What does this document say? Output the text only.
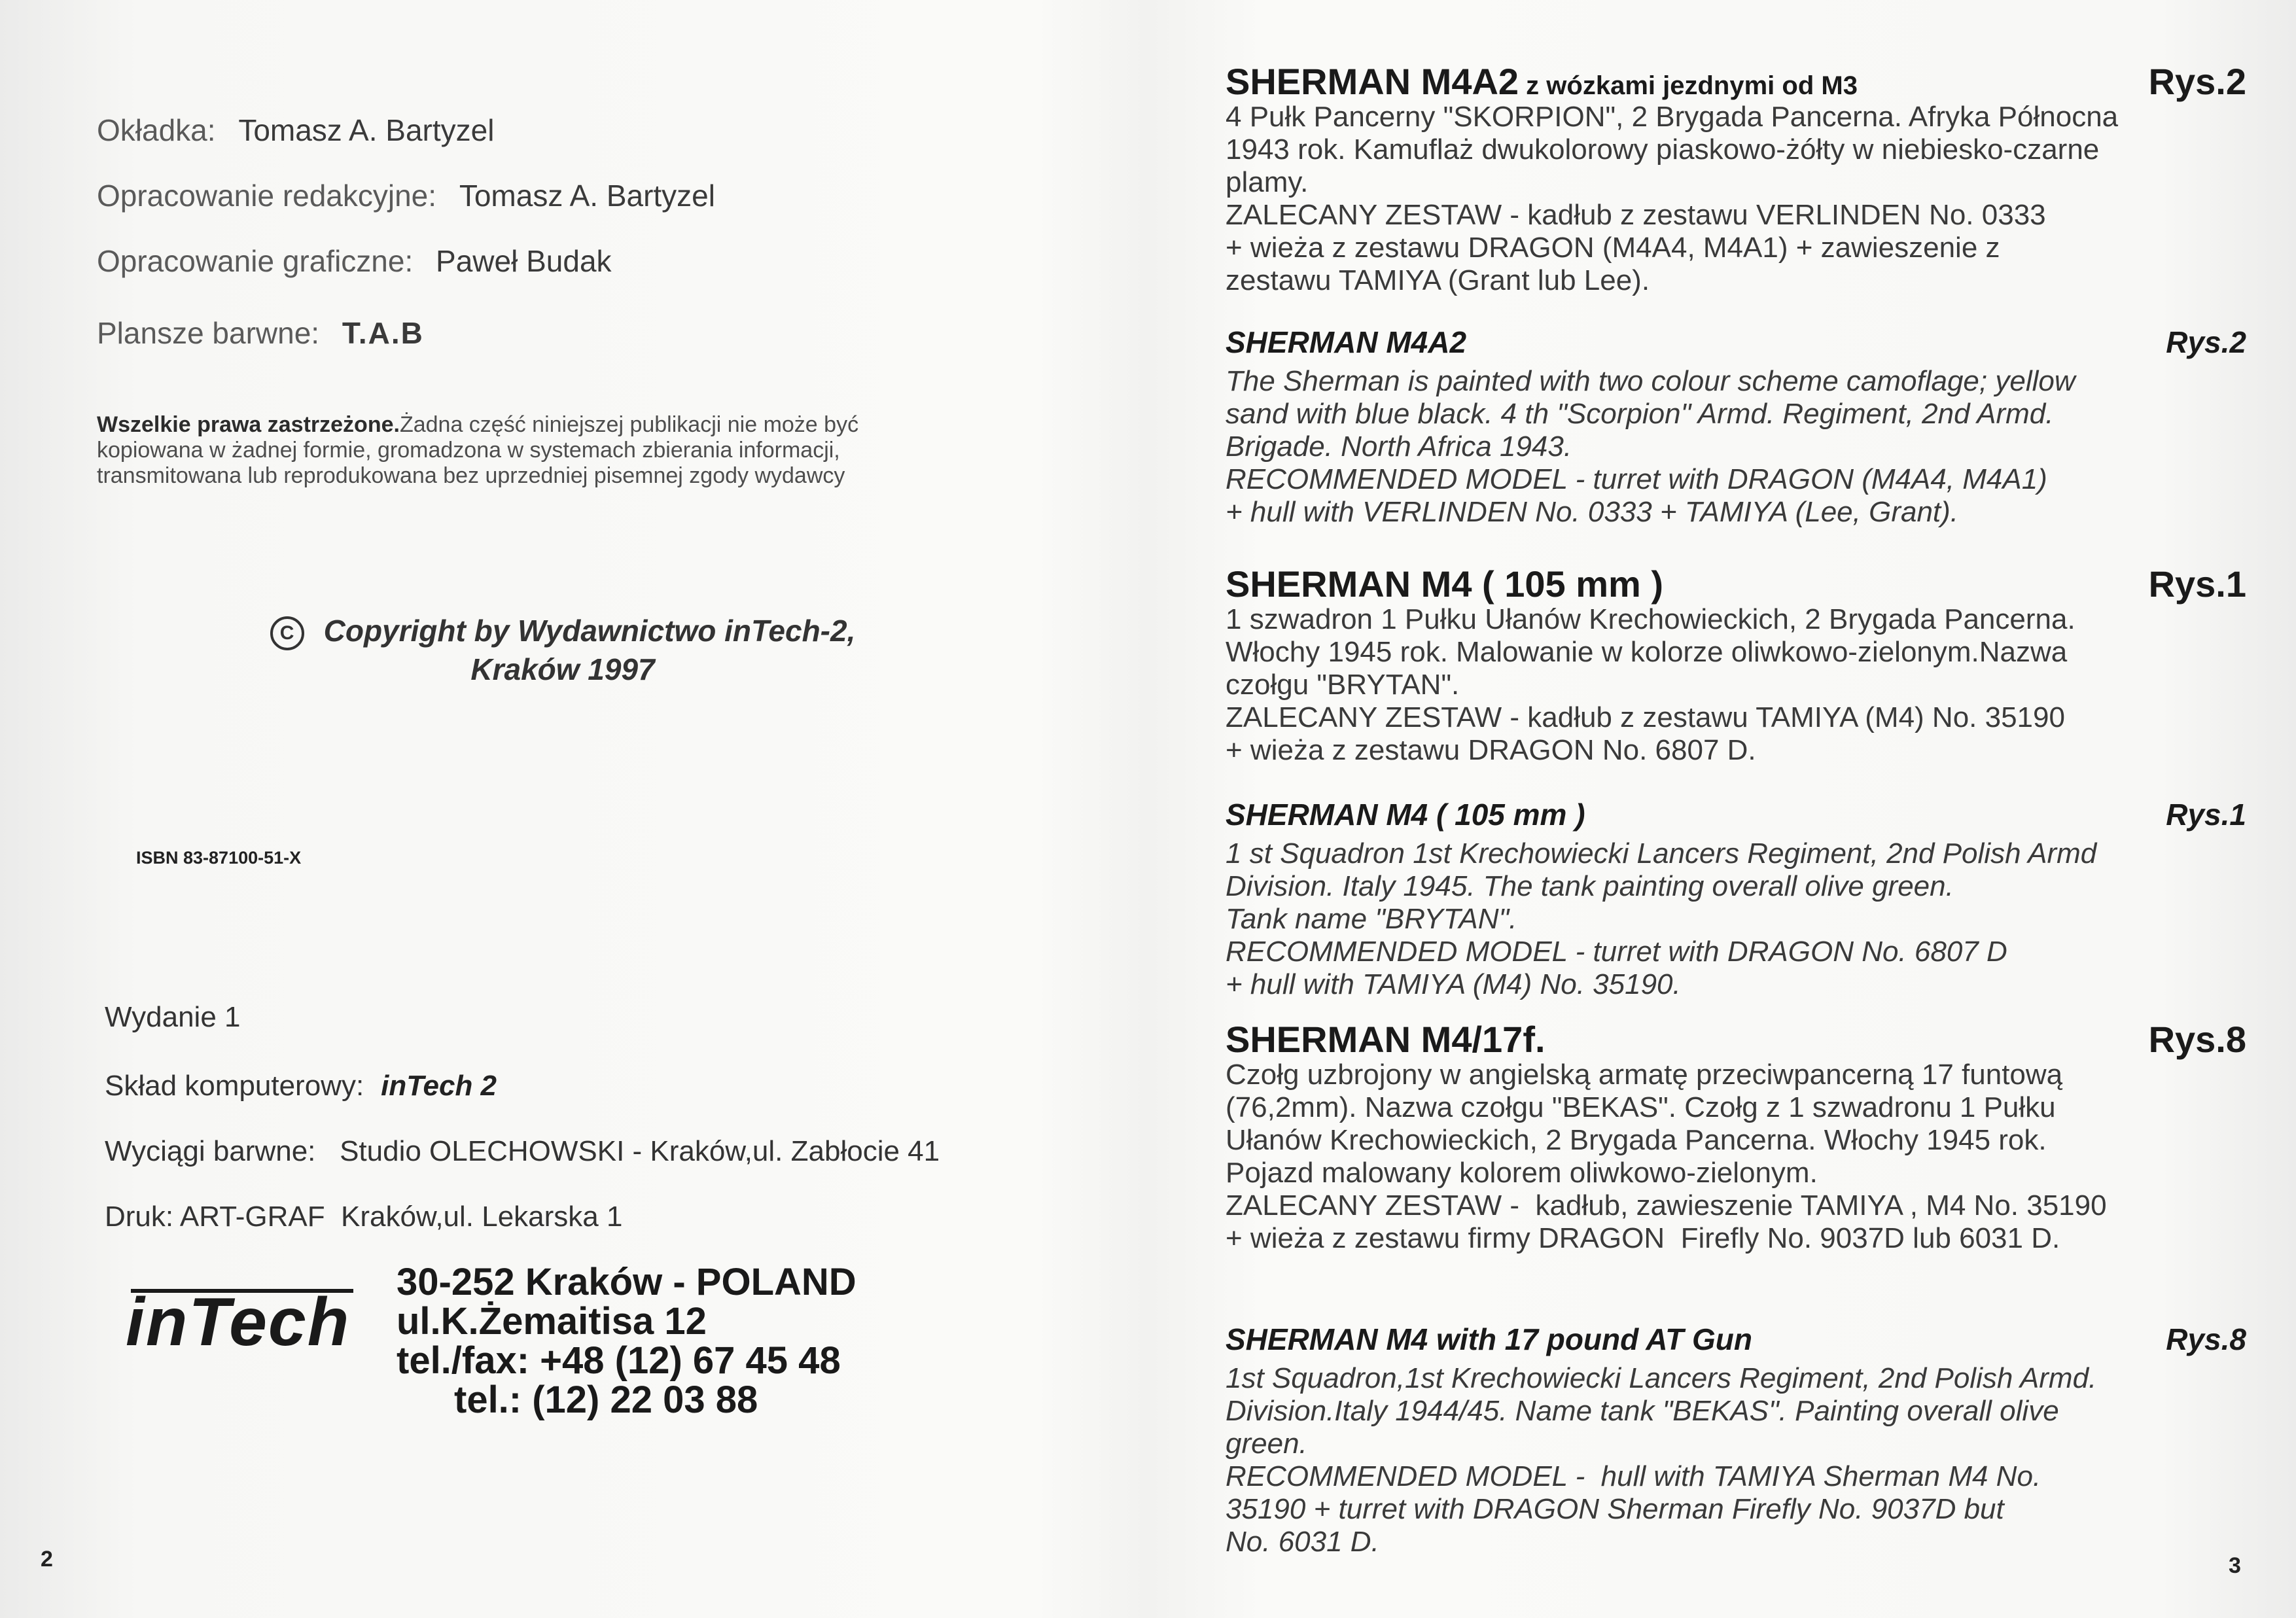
Okładka: Tomasz A. Bartyzel
Opracowanie redakcyjne: Tomasz A. Bartyzel
Opracowanie graficzne: Paweł Budak
Plansze barwne: T.A.B
Wszelkie prawa zastrzeżone.Żadna część niniejszej publikacji nie może być
kopiowana w żadnej formie, gromadzona w systemach zbierania informacji,
transmitowana lub reprodukowana bez uprzedniej pisemnej zgody wydawcy
C Copyright by Wydawnictwo inTech-2,
Kraków 1997
ISBN 83-87100-51-X
Wydanie 1
Skład komputerowy: inTech 2
Wyciągi barwne:   Studio OLECHOWSKI - Kraków,ul. Zabłocie 41
Druk: ART-GRAF  Kraków,ul. Lekarska 1
inTech
30-252 Kraków - POLAND
ul.K.Żemaitisa 12
tel./fax: +48 (12) 67 45 48
tel.: (12) 22 03 88
2
SHERMAN M4A2 z wózkami jezdnymi od M3	Rys.2
4 Pułk Pancerny "SKORPION", 2 Brygada Pancerna. Afryka Północna
1943 rok. Kamuflaż dwukolorowy piaskowo-żółty w niebiesko-czarne
plamy.
ZALECANY ZESTAW - kadłub z zestawu VERLINDEN No. 0333
+ wieża z zestawu DRAGON (M4A4, M4A1) + zawieszenie z
zestawu TAMIYA (Grant lub Lee).
SHERMAN M4A2	Rys.2
The Sherman is painted with two colour scheme camoflage; yellow
sand with blue black. 4 th "Scorpion" Armd. Regiment, 2nd Armd.
Brigade. North Africa 1943.
RECOMMENDED MODEL - turret with DRAGON (M4A4, M4A1)
+ hull with VERLINDEN No. 0333 + TAMIYA (Lee, Grant).
SHERMAN M4 ( 105 mm )	Rys.1
1 szwadron 1 Pułku Ułanów Krechowieckich, 2 Brygada Pancerna.
Włochy 1945 rok. Malowanie w kolorze oliwkowo-zielonym.Nazwa
czołgu "BRYTAN".
ZALECANY ZESTAW - kadłub z zestawu TAMIYA (M4) No. 35190
+ wieża z zestawu DRAGON No. 6807 D.
SHERMAN M4 ( 105 mm )	Rys.1
1 st Squadron 1st Krechowiecki Lancers Regiment, 2nd Polish Armd
Division. Italy 1945. The tank painting overall olive green.
Tank name "BRYTAN".
RECOMMENDED MODEL - turret with DRAGON No. 6807 D
+ hull with TAMIYA (M4) No. 35190.
SHERMAN M4/17f.	Rys.8
Czołg uzbrojony w angielską armatę przeciwpancerną 17 funtową
(76,2mm). Nazwa czołgu "BEKAS". Czołg z 1 szwadronu 1 Pułku
Ułanów Krechowieckich, 2 Brygada Pancerna. Włochy 1945 rok.
Pojazd malowany kolorem oliwkowo-zielonym.
ZALECANY ZESTAW -  kadłub, zawieszenie TAMIYA , M4 No. 35190
+ wieża z zestawu firmy DRAGON  Firefly No. 9037D lub 6031 D.
SHERMAN M4 with 17 pound AT Gun	Rys.8
1st Squadron,1st Krechowiecki Lancers Regiment, 2nd Polish Armd.
Division.Italy 1944/45. Name tank "BEKAS". Painting overall olive
green.
RECOMMENDED MODEL -  hull with TAMIYA Sherman M4 No.
35190 + turret with DRAGON Sherman Firefly No. 9037D but
No. 6031 D.
3
